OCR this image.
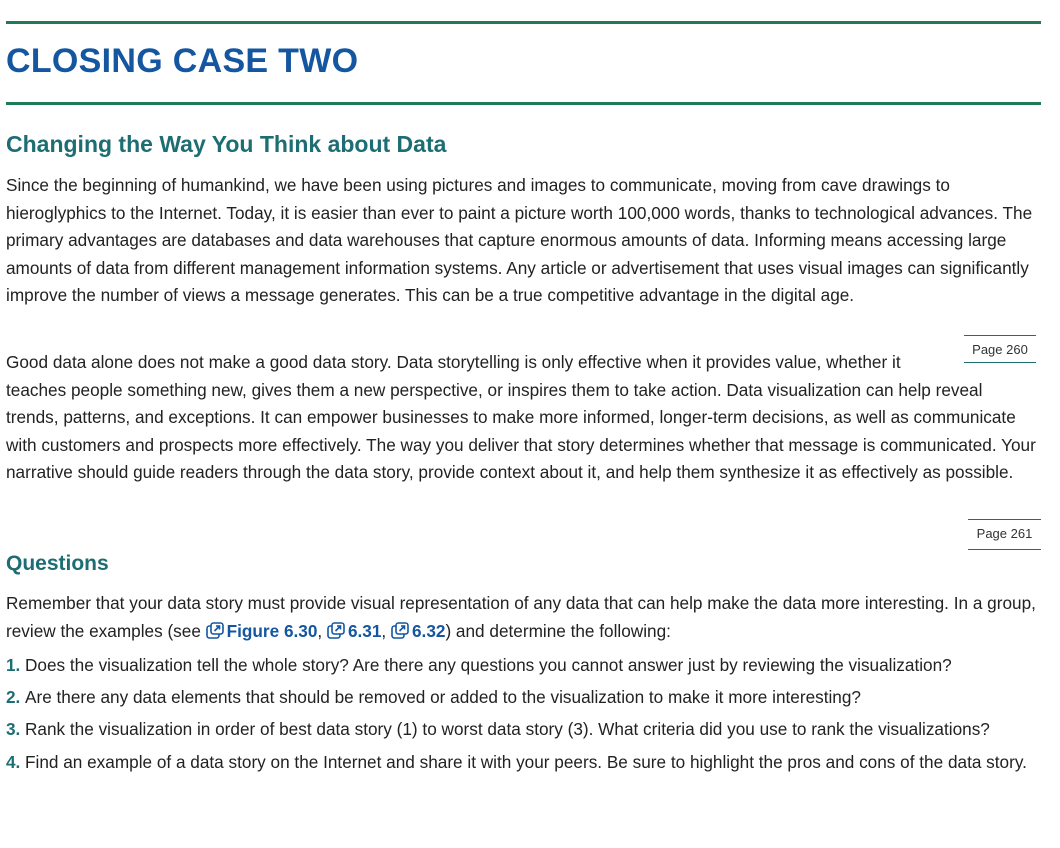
CLOSING CASE TWO
Changing the Way You Think about Data

Since the beginning of humankind, we have been using pictures and images to communicate, moving from cave drawings to hieroglyphics to the Internet. Today, it is easier than ever to paint a picture worth 100,000 words, thanks to technological advances. The primary advantages are databases and data warehouses that capture enormous amounts of data. Informing means accessing large amounts of data from different management information systems. Any article or advertisement that uses visual images can significantly improve the number of views a message generates. This can be a true competitive advantage in the digital age.

Page 260
Good data alone does not make a good data story. Data storytelling is only effective when it provides value, whether it teaches people something new, gives them a new perspective, or inspires them to take action. Data visualization can help reveal trends, patterns, and exceptions. It can empower businesses to make more informed, longer-term decisions, as well as communicate with customers and prospects more effectively. The way you deliver that story determines whether that message is communicated. Your narrative should guide readers through the data story, provide context about it, and help them synthesize it as effectively as possible.
Page 261
Questions

Remember that your data story must provide visual representation of any data that can help make the data more interesting. In a group, review the examples (see Figure 6.30, 6.31, 6.32) and determine the following:

1. Does the visualization tell the whole story? Are there any questions you cannot answer just by reviewing the visualization?
2. Are there any data elements that should be removed or added to the visualization to make it more interesting?
3. Rank the visualization in order of best data story (1) to worst data story (3). What criteria did you use to rank the visualizations?
4. Find an example of a data story on the Internet and share it with your peers. Be sure to highlight the pros and cons of the data story.
